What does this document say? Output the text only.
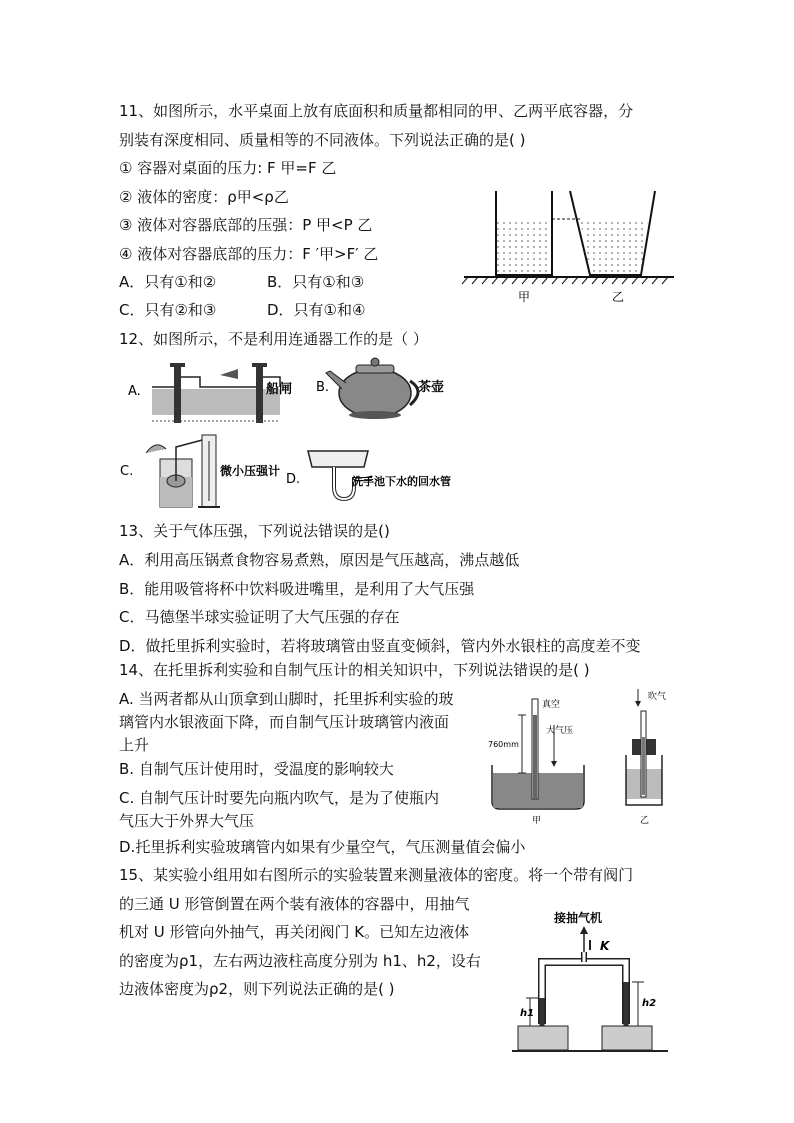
11、如图所示，水平桌面上放有底面积和质量都相同的甲、乙两平底容器，分
别装有深度相同、质量相等的不同液体。下列说法正确的是( )
① 容器对桌面的压力: F 甲=F 乙
② 液体的密度：ρ甲<ρ乙
③ 液体对容器底部的压强：P 甲<P 乙
④ 液体对容器底部的压力：F ′甲>F′ 乙
A．只有①和②	B．只有①和③
C．只有②和③	D．只有①和④
甲	乙
12、如图所示，不是利用连通器工作的是（ ）
A.	船闸 B.	茶壶
C.	微小压强计
D.	洗手池下水的回水管
13、关于气体压强，下列说法错误的是()
A．利用高压锅煮食物容易煮熟，原因是气压越高，沸点越低
B．能用吸管将杯中饮料吸进嘴里，是利用了大气压强
C．马德堡半球实验证明了大气压强的存在
D．做托里拆利实验时，若将玻璃管由竖直变倾斜，管内外水银柱的高度差不变
14、在托里拆利实验和自制气压计的相关知识中，下列说法错误的是( )
A. 当两者都从山顶拿到山脚时，托里拆利实验的玻
璃管内水银液面下降，而自制气压计玻璃管内液面
上升
B. 自制气压计使用时，受温度的影响较大
C. 自制气压计时要先向瓶内吹气，是为了使瓶内
气压大于外界大气压
D.托里拆利实验玻璃管内如果有少量空气，气压测量值会偏小
真空
大气压
760mm
甲
吹气
乙
15、某实验小组用如右图所示的实验装置来测量液体的密度。将一个带有阀门
的三通 U 形管倒置在两个装有液体的容器中，用抽气
机对 U 形管向外抽气，再关闭阀门 K。已知左边液体
的密度为ρ1，左右两边液柱高度分别为 h1、h2，设右
边液体密度为ρ2，则下列说法正确的是( )
接抽气机
K
h1
h2
